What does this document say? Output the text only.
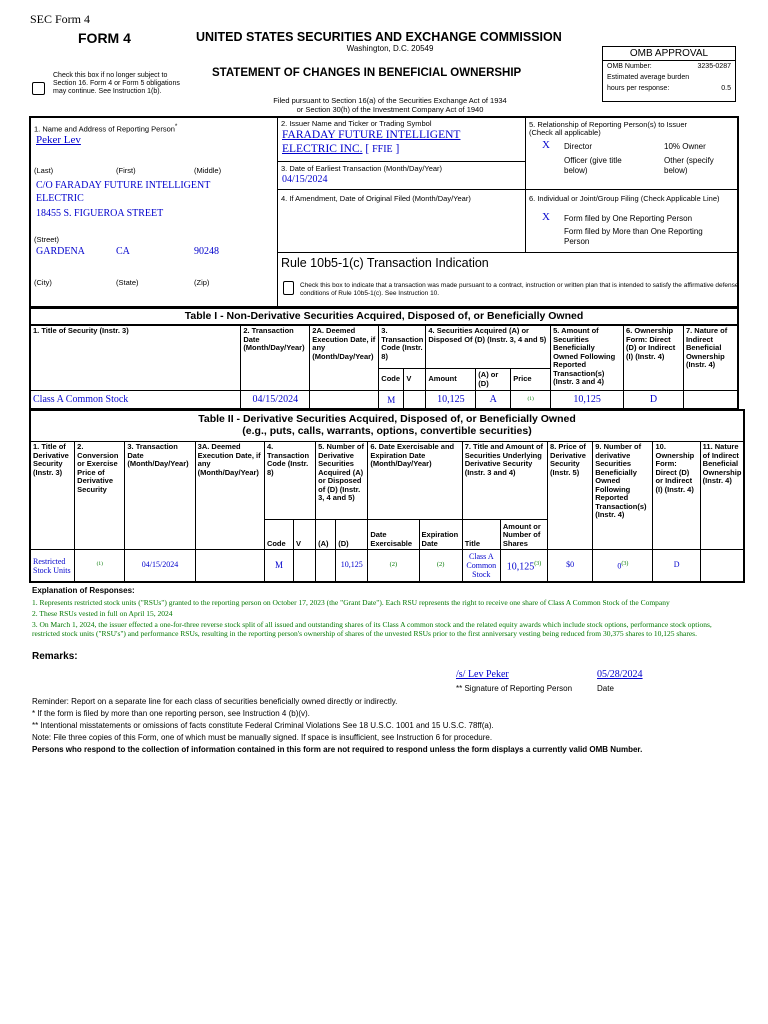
SEC Form 4
FORM 4	UNITED STATES SECURITIES AND EXCHANGE COMMISSION
Washington, D.C. 20549
Check this box if no longer subject to Section 16. Form 4 or Form 5 obligations may continue. See Instruction 1(b).
STATEMENT OF CHANGES IN BENEFICIAL OWNERSHIP
Filed pursuant to Section 16(a) of the Securities Exchange Act of 1934
or Section 30(h) of the Investment Company Act of 1940
OMB APPROVAL
OMB Number:	3235-0287
Estimated average burden
hours per response:	0.5
1. Name and Address of Reporting Person*
Peker Lev
(Last)	(First)	(Middle)
C/O FARADAY FUTURE INTELLIGENT
ELECTRIC
18455 S. FIGUEROA STREET
(Street)
GARDENA	CA	90248
(City)	(State)	(Zip)
2. Issuer Name and Ticker or Trading Symbol
FARADAY FUTURE INTELLIGENT
ELECTRIC INC. [ FFIE ]
3. Date of Earliest Transaction (Month/Day/Year)
04/15/2024
4. If Amendment, Date of Original Filed (Month/Day/Year)
5. Relationship of Reporting Person(s) to Issuer
(Check all applicable)
X Director	10% Owner
Officer (give title below)
Other (specify below)
6. Individual or Joint/Group Filing (Check Applicable Line)
X Form filed by One Reporting Person
Form filed by More than One Reporting Person
Rule 10b5-1(c) Transaction Indication
Check this box to indicate that a transaction was made pursuant to a contract, instruction or written plan that is intended to satisfy the affirmative defense conditions of Rule 10b5-1(c). See Instruction 10.
Table I - Non-Derivative Securities Acquired, Disposed of, or Beneficially Owned
1. Title of Security (Instr. 3)	2. Transaction Date (Month/Day/Year)	2A. Deemed Execution Date, if any (Month/Day/Year)	3. Transaction Code (Instr. 8)		4. Securities Acquired (A) or Disposed Of (D) (Instr. 3, 4 and 5)			5. Amount of Securities Beneficially Owned Following Reported Transaction(s) (Instr. 3 and 4)	6. Ownership Form: Direct (D) or Indirect (I) (Instr. 4)	7. Nature of Indirect Beneficial Ownership (Instr. 4)
			Code	V	Amount	(A) or (D)	Price			
Class A Common Stock	04/15/2024		M		10,125	A	$^{(1)}$	10,125	D	
Table II - Derivative Securities Acquired, Disposed of, or Beneficially Owned
(e.g., puts, calls, warrants, options, convertible securities)
1. Title of Derivative Security (Instr. 3)	2. Conversion or Exercise Price of Derivative Security	3. Transaction Date (Month/Day/Year)	3A. Deemed Execution Date, if any (Month/Day/Year)	4. Transaction Code (Instr. 8)		5. Number of Derivative Securities Acquired (A) or Disposed of (D) (Instr. 3, 4 and 5)		6. Date Exercisable and Expiration Date (Month/Day/Year)		7. Title and Amount of Securities Underlying Derivative Security (Instr. 3 and 4)		8. Price of Derivative Security (Instr. 5)	9. Number of derivative Securities Beneficially Owned Following Reported Transaction(s) (Instr. 4)	10. Ownership Form: Direct (D) or Indirect (I) (Instr. 4)	11. Nature of Indirect Beneficial Ownership (Instr. 4)
				Code	V	(A)	(D)	Date Exercisable	Expiration Date	Title	Amount or Number of Shares				
Restricted Stock Units	$^{(1)}$	04/15/2024		M			10,125	(2)	(2)	Class A Common Stock	10,125$^{(3)}$	$0	0$^{(3)}$	D	
Explanation of Responses:
1. Represents restricted stock units ("RSUs") granted to the reporting person on October 17, 2023 (the "Grant Date"). Each RSU represents the right to receive one share of Class A Common Stock of the Company
2. These RSUs vested in full on April 15, 2024
3. On March 1, 2024, the issuer effected a one-for-three reverse stock split of all issued and outstanding shares of its Class A common stock and the related equity awards which include stock options, performance stock options, restricted stock units ("RSU's") and performance RSUs, resulting in the reporting person's ownership of shares of the unvested RSUs prior to the first anniversary vesting being reduced from 30,375 shares to 10,125 shares.
Remarks:
/s/ Lev Peker	05/28/2024
** Signature of Reporting Person	Date
Reminder: Report on a separate line for each class of securities beneficially owned directly or indirectly.
* If the form is filed by more than one reporting person, see Instruction 4 (b)(v).
** Intentional misstatements or omissions of facts constitute Federal Criminal Violations See 18 U.S.C. 1001 and 15 U.S.C. 78ff(a).
Note: File three copies of this Form, one of which must be manually signed. If space is insufficient, see Instruction 6 for procedure.
Persons who respond to the collection of information contained in this form are not required to respond unless the form displays a currently valid OMB Number.
